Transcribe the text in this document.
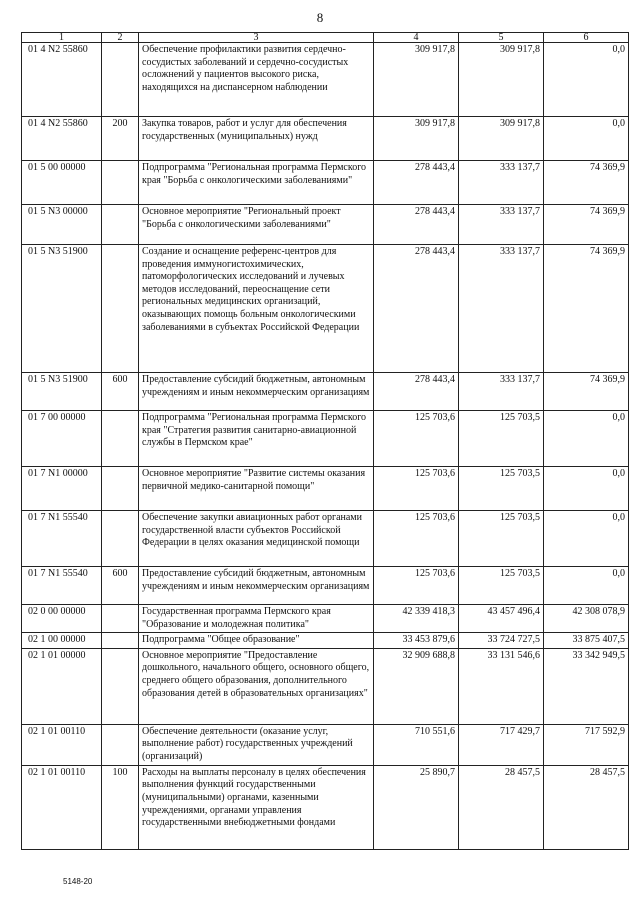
8
1	2	3	4	5	6
01 4 N2 55860		Обеспечение профилактики развития сердечно-сосудистых заболеваний и сердечно-сосудистых осложнений у пациентов высокого риска, находящихся на диспансерном наблюдении	309 917,8	309 917,8	0,0
01 4 N2 55860	200	Закупка товаров, работ и услуг для обеспечения государственных (муниципальных) нужд	309 917,8	309 917,8	0,0
01 5 00 00000		Подпрограмма "Региональная программа Пермского края "Борьба с онкологическими заболеваниями"	278 443,4	333 137,7	74 369,9
01 5 N3 00000		Основное мероприятие "Региональный проект "Борьба с онкологическими заболеваниями"	278 443,4	333 137,7	74 369,9
01 5 N3 51900		Создание и оснащение референс-центров для проведения иммуногистохимических, патоморфологических исследований и лучевых методов исследований, переоснащение сети региональных медицинских организаций, оказывающих помощь больным онкологическими заболеваниями в субъектах Российской Федерации	278 443,4	333 137,7	74 369,9
01 5 N3 51900	600	Предоставление субсидий бюджетным, автономным учреждениям и иным некоммерческим организациям	278 443,4	333 137,7	74 369,9
01 7 00 00000		Подпрограмма "Региональная программа Пермского края "Стратегия развития санитарно-авиационной службы в Пермском крае"	125 703,6	125 703,5	0,0
01 7 N1 00000		Основное мероприятие "Развитие системы оказания первичной медико-санитарной помощи"	125 703,6	125 703,5	0,0
01 7 N1 55540		Обеспечение закупки авиационных работ органами государственной власти субъектов Российской Федерации в целях оказания медицинской помощи	125 703,6	125 703,5	0,0
01 7 N1 55540	600	Предоставление субсидий бюджетным, автономным учреждениям и иным некоммерческим организациям	125 703,6	125 703,5	0,0
02 0 00 00000		Государственная программа Пермского края "Образование и молодежная политика"	42 339 418,3	43 457 496,4	42 308 078,9
02 1 00 00000		Подпрограмма "Общее образование"	33 453 879,6	33 724 727,5	33 875 407,5
02 1 01 00000		Основное мероприятие "Предоставление дошкольного, начального общего, основного общего, среднего общего образования, дополнительного образования детей в образовательных организациях"	32 909 688,8	33 131 546,6	33 342 949,5
02 1 01 00110		Обеспечение деятельности (оказание услуг, выполнение работ) государственных учреждений (организаций)	710 551,6	717 429,7	717 592,9
02 1 01 00110	100	Расходы на выплаты персоналу в целях обеспечения выполнения функций государственными (муниципальными) органами, казенными учреждениями, органами управления государственными внебюджетными фондами	25 890,7	28 457,5	28 457,5
5148-20
